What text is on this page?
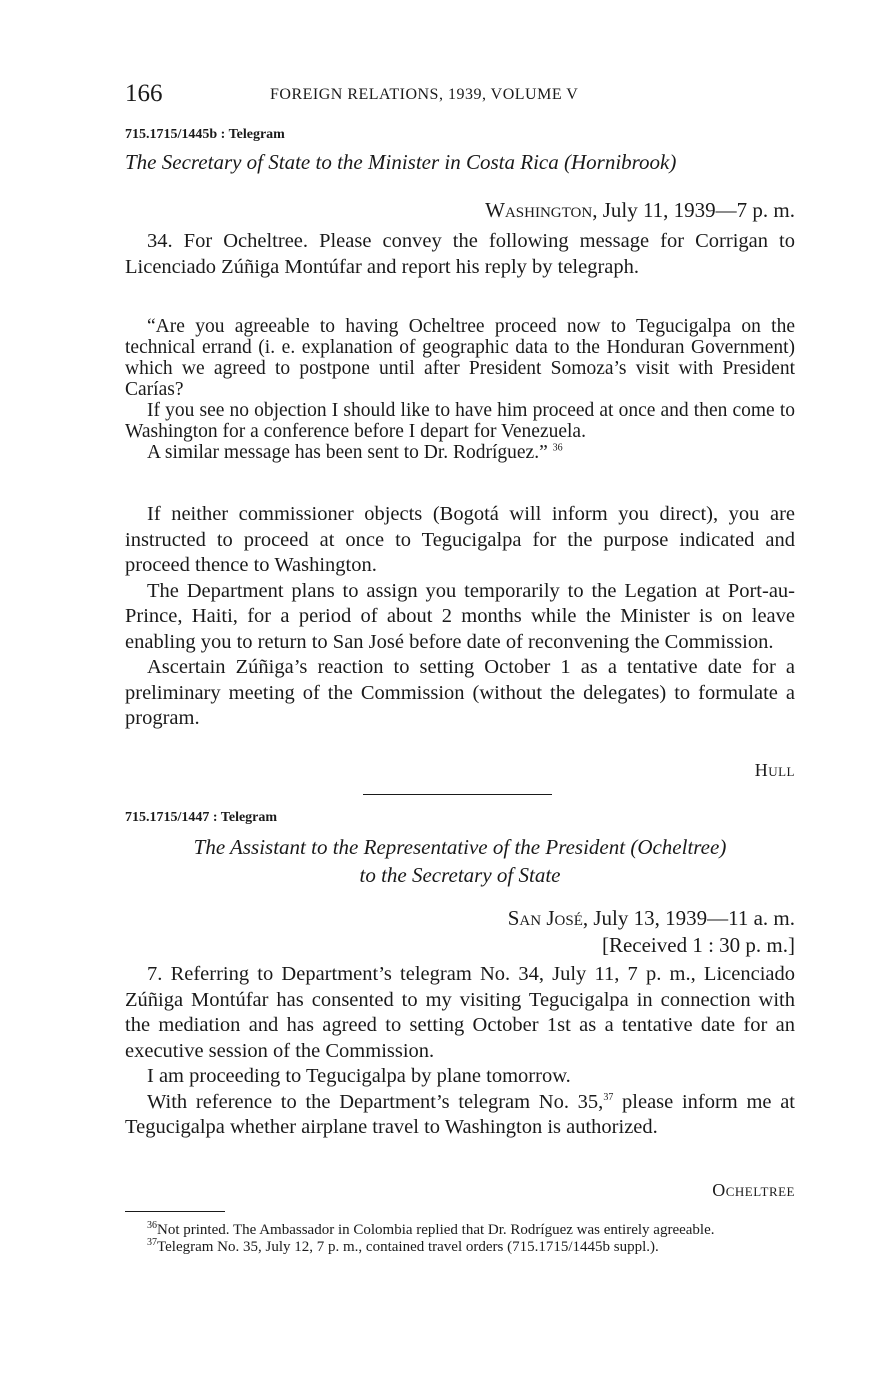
166	FOREIGN RELATIONS, 1939, VOLUME V
715.1715/1445b : Telegram
The Secretary of State to the Minister in Costa Rica (Hornibrook)
Washington, July 11, 1939—7 p. m.

34. For Ocheltree. Please convey the following message for Corrigan to Licenciado Zúñiga Montúfar and report his reply by telegraph.

“Are you agreeable to having Ocheltree proceed now to Tegucigalpa on the technical errand (i. e. explanation of geographic data to the Honduran Government) which we agreed to postpone until after President Somoza’s visit with President Carías?

If you see no objection I should like to have him proceed at once and then come to Washington for a conference before I depart for Venezuela.

A similar message has been sent to Dr. Rodríguez.” $^{36}$

If neither commissioner objects (Bogotá will inform you direct), you are instructed to proceed at once to Tegucigalpa for the purpose indicated and proceed thence to Washington.

The Department plans to assign you temporarily to the Legation at Port-au-Prince, Haiti, for a period of about 2 months while the Minister is on leave enabling you to return to San José before date of reconvening the Commission.

Ascertain Zúñiga’s reaction to setting October 1 as a tentative date for a preliminary meeting of the Commission (without the delegates) to formulate a program.

Hull
715.1715/1447 : Telegram
The Assistant to the Representative of the President (Ocheltree)
to the Secretary of State
San José, July 13, 1939—11 a. m.
[Received 1 : 30 p. m.]

7. Referring to Department’s telegram No. 34, July 11, 7 p. m., Licenciado Zúñiga Montúfar has consented to my visiting Tegucigalpa in connection with the mediation and has agreed to setting October 1st as a tentative date for an executive session of the Commission.

I am proceeding to Tegucigalpa by plane tomorrow.

With reference to the Department’s telegram No. 35,37 please inform me at Tegucigalpa whether airplane travel to Washington is authorized.

Ocheltree

$^{36}$Not printed. The Ambassador in Colombia replied that Dr. Rodríguez was entirely agreeable.

$^{37}$Telegram No. 35, July 12, 7 p. m., contained travel orders (715.1715/1445b suppl.).
